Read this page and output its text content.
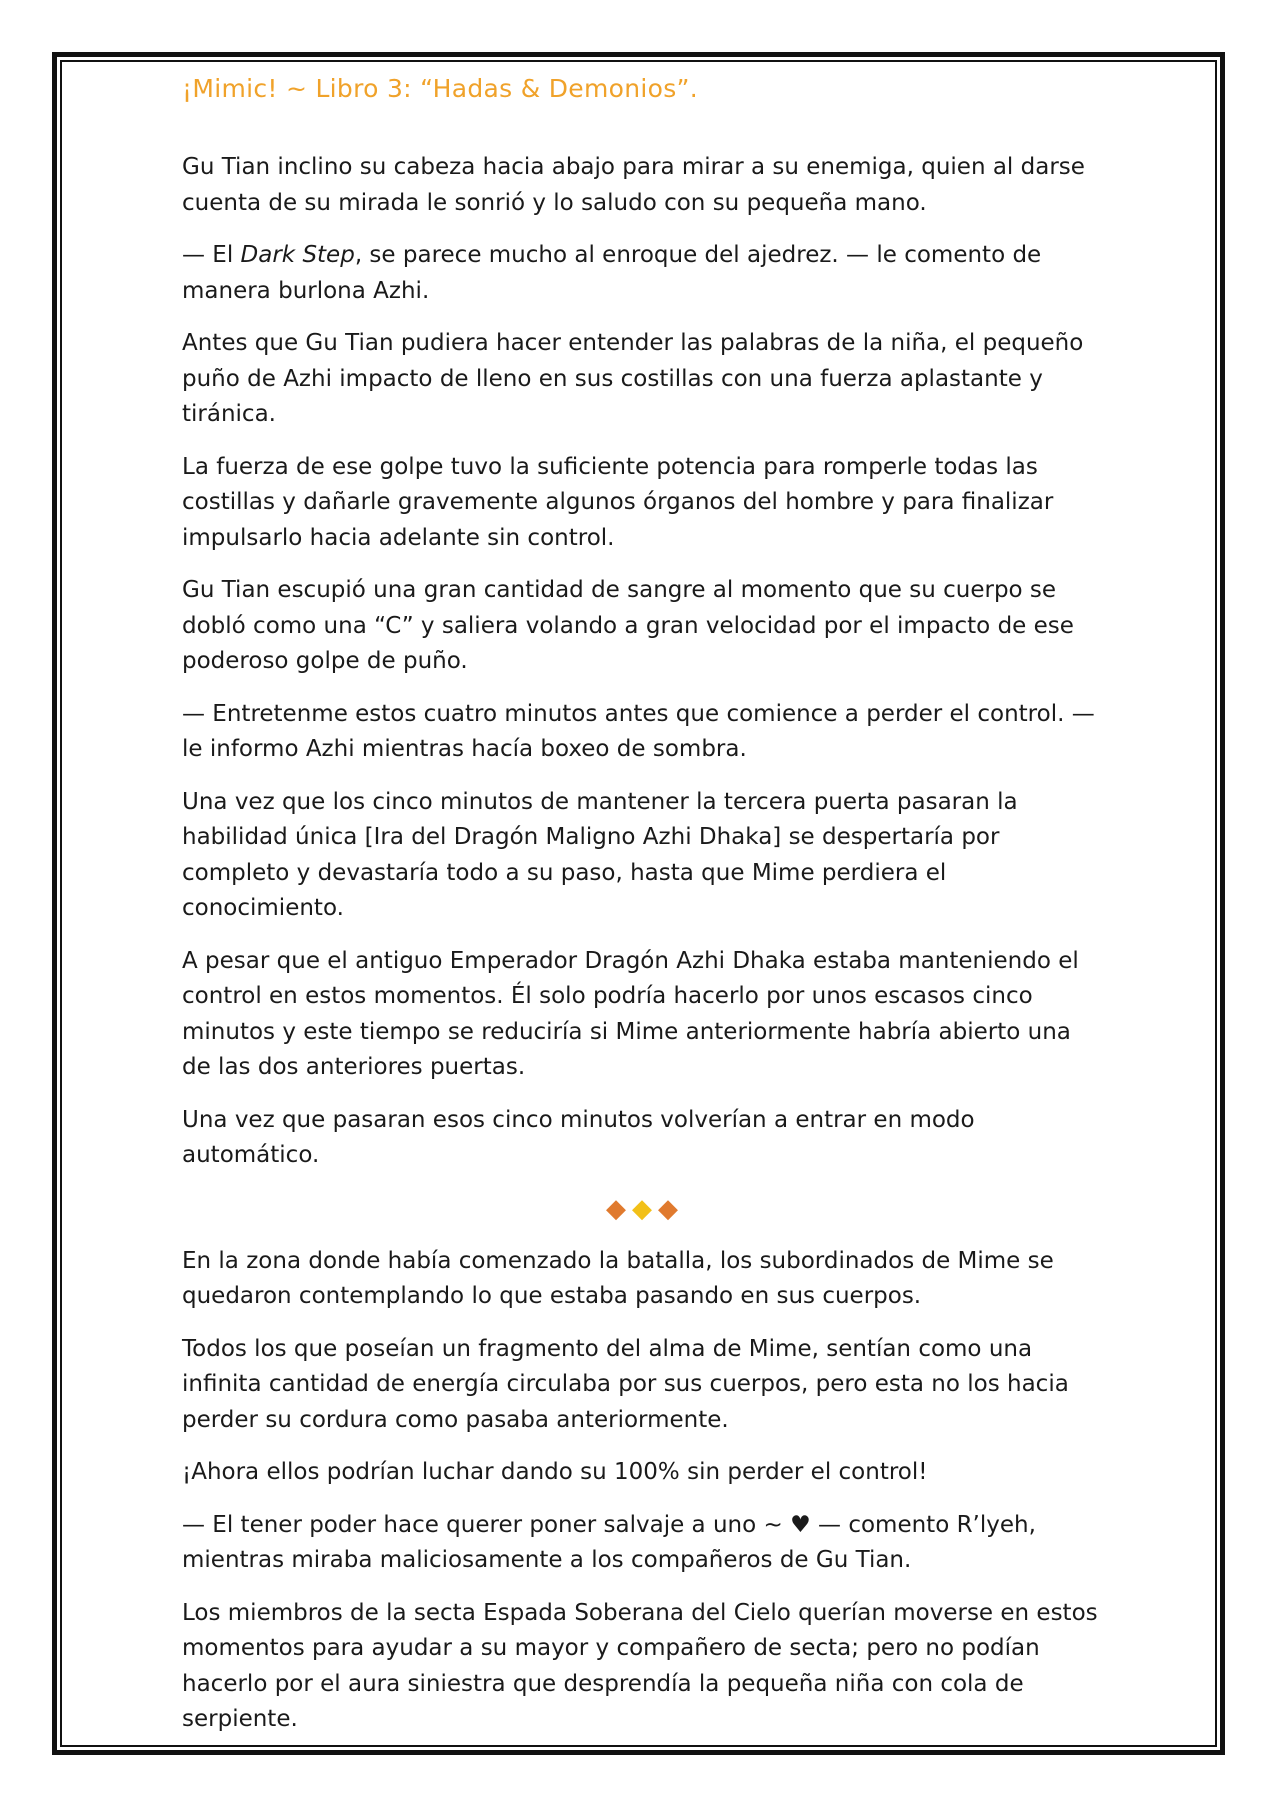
¡Mimic! ~ Libro 3: “Hadas & Demonios”.

Gu Tian inclino su cabeza hacia abajo para mirar a su enemiga, quien al darse cuenta de su mirada le sonrió y lo saludo con su pequeña mano.

— El Dark Step, se parece mucho al enroque del ajedrez. — le comento de manera burlona Azhi.

Antes que Gu Tian pudiera hacer entender las palabras de la niña, el pequeño puño de Azhi impacto de lleno en sus costillas con una fuerza aplastante y tiránica.

La fuerza de ese golpe tuvo la suficiente potencia para romperle todas las costillas y dañarle gravemente algunos órganos del hombre y para finalizar impulsarlo hacia adelante sin control.

Gu Tian escupió una gran cantidad de sangre al momento que su cuerpo se dobló como una “C” y saliera volando a gran velocidad por el impacto de ese poderoso golpe de puño.

— Entretenme estos cuatro minutos antes que comience a perder el control. — le informo Azhi mientras hacía boxeo de sombra.

Una vez que los cinco minutos de mantener la tercera puerta pasaran la habilidad única [Ira del Dragón Maligno Azhi Dhaka] se despertaría por completo y devastaría todo a su paso, hasta que Mime perdiera el conocimiento.

A pesar que el antiguo Emperador Dragón Azhi Dhaka estaba manteniendo el control en estos momentos. Él solo podría hacerlo por unos escasos cinco minutos y este tiempo se reduciría si Mime anteriormente habría abierto una de las dos anteriores puertas.

Una vez que pasaran esos cinco minutos volverían a entrar en modo automático.

◆ ◆ ◆

En la zona donde había comenzado la batalla, los subordinados de Mime se quedaron contemplando lo que estaba pasando en sus cuerpos.

Todos los que poseían un fragmento del alma de Mime, sentían como una infinita cantidad de energía circulaba por sus cuerpos, pero esta no los hacia perder su cordura como pasaba anteriormente.

¡Ahora ellos podrían luchar dando su 100% sin perder el control!

— El tener poder hace querer poner salvaje a uno ~ ♥ — comento R’lyeh, mientras miraba maliciosamente a los compañeros de Gu Tian.

Los miembros de la secta Espada Soberana del Cielo querían moverse en estos momentos para ayudar a su mayor y compañero de secta; pero no podían hacerlo por el aura siniestra que desprendía la pequeña niña con cola de serpiente.
